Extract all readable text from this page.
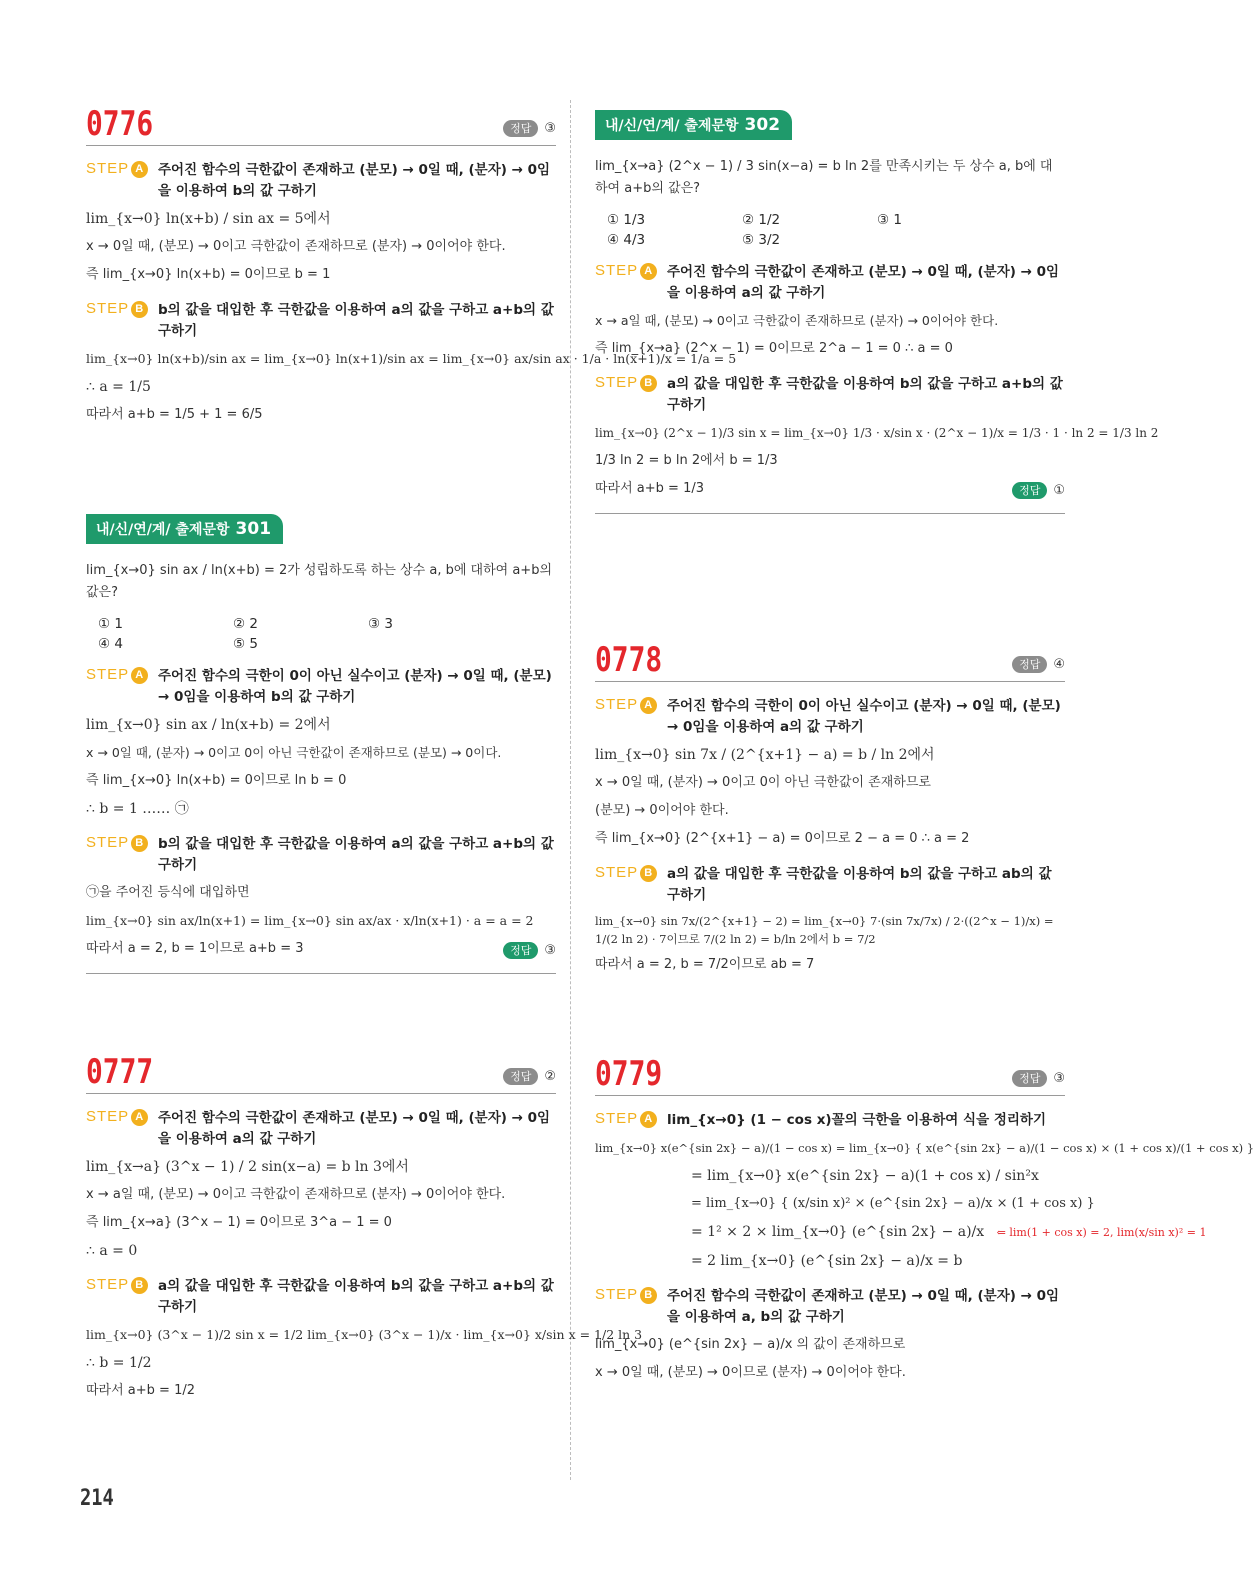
0776	정답	③
STEP A 주어진 함수의 극한값이 존재하고 (분모) → 0일 때, (분자) → 0임을 이용하여 b의 값 구하기
lim_{x→0} ln(x+b) / sin ax = 5에서
x → 0일 때, (분모) → 0이고 극한값이 존재하므로 (분자) → 0이어야 한다.
즉 lim_{x→0} ln(x+b) = 0이므로 b = 1
STEP B b의 값을 대입한 후 극한값을 이용하여 a의 값을 구하고 a+b의 값 구하기
lim_{x→0} ln(x+b)/sin ax = lim_{x→0} ln(x+1)/sin ax = lim_{x→0} ax/sin ax · 1/a · ln(x+1)/x = 1/a = 5
∴ a = 1/5
따라서 a+b = 1/5 + 1 = 6/5
내/신/연/계/ 출제문항 301
lim_{x→0} sin ax / ln(x+b) = 2가 성립하도록 하는 상수 a, b에 대하여 a+b의 값은?
① 1	② 2	③ 3
④ 4	⑤ 5
STEP A 주어진 함수의 극한이 0이 아닌 실수이고 (분자) → 0일 때, (분모) → 0임을 이용하여 b의 값 구하기
lim_{x→0} sin ax / ln(x+b) = 2에서
x → 0일 때, (분자) → 0이고 0이 아닌 극한값이 존재하므로 (분모) → 0이다.
즉 lim_{x→0} ln(x+b) = 0이므로 ln b = 0
∴ b = 1 …… ㉠
STEP B b의 값을 대입한 후 극한값을 이용하여 a의 값을 구하고 a+b의 값 구하기
㉠을 주어진 등식에 대입하면
lim_{x→0} sin ax/ln(x+1) = lim_{x→0} sin ax/ax · x/ln(x+1) · a = a = 2
따라서 a = 2, b = 1이므로 a+b = 3	정답	③
0777	정답	②
STEP A 주어진 함수의 극한값이 존재하고 (분모) → 0일 때, (분자) → 0임을 이용하여 a의 값 구하기
lim_{x→a} (3^x − 1) / 2 sin(x−a) = b ln 3에서
x → a일 때, (분모) → 0이고 극한값이 존재하므로 (분자) → 0이어야 한다.
즉 lim_{x→a} (3^x − 1) = 0이므로 3^a − 1 = 0
∴ a = 0
STEP B a의 값을 대입한 후 극한값을 이용하여 b의 값을 구하고 a+b의 값 구하기
lim_{x→0} (3^x − 1)/2 sin x = 1/2 lim_{x→0} (3^x − 1)/x · lim_{x→0} x/sin x = 1/2 ln 3
∴ b = 1/2
따라서 a+b = 1/2
내/신/연/계/ 출제문항 302
lim_{x→a} (2^x − 1) / 3 sin(x−a) = b ln 2를 만족시키는 두 상수 a, b에 대하여 a+b의 값은?
① 1/3	② 1/2	③ 1
④ 4/3	⑤ 3/2
STEP A 주어진 함수의 극한값이 존재하고 (분모) → 0일 때, (분자) → 0임을 이용하여 a의 값 구하기
x → a일 때, (분모) → 0이고 극한값이 존재하므로 (분자) → 0이어야 한다.
즉 lim_{x→a} (2^x − 1) = 0이므로 2^a − 1 = 0 ∴ a = 0
STEP B a의 값을 대입한 후 극한값을 이용하여 b의 값을 구하고 a+b의 값 구하기
lim_{x→0} (2^x − 1)/3 sin x = lim_{x→0} 1/3 · x/sin x · (2^x − 1)/x = 1/3 · 1 · ln 2 = 1/3 ln 2
1/3 ln 2 = b ln 2에서 b = 1/3
따라서 a+b = 1/3	정답	①
0778	정답	④
STEP A 주어진 함수의 극한이 0이 아닌 실수이고 (분자) → 0일 때, (분모) → 0임을 이용하여 a의 값 구하기
lim_{x→0} sin 7x / (2^{x+1} − a) = b / ln 2에서
x → 0일 때, (분자) → 0이고 0이 아닌 극한값이 존재하므로
(분모) → 0이어야 한다.
즉 lim_{x→0} (2^{x+1} − a) = 0이므로 2 − a = 0 ∴ a = 2
STEP B a의 값을 대입한 후 극한값을 이용하여 b의 값을 구하고 ab의 값 구하기
lim_{x→0} sin 7x/(2^{x+1} − 2) = lim_{x→0} 7·(sin 7x/7x) / 2·((2^x − 1)/x) = 1/(2 ln 2) · 7이므로 7/(2 ln 2) = b/ln 2에서 b = 7/2
따라서 a = 2, b = 7/2이므로 ab = 7
0779	정답	③
STEP A lim_{x→0} (1 − cos x)꼴의 극한을 이용하여 식을 정리하기
lim_{x→0} x(e^{sin 2x} − a)/(1 − cos x) = lim_{x→0} { x(e^{sin 2x} − a)/(1 − cos x) × (1 + cos x)/(1 + cos x) }
= lim_{x→0} x(e^{sin 2x} − a)(1 + cos x) / sin²x
= lim_{x→0} { (x/sin x)² × (e^{sin 2x} − a)/x × (1 + cos x) }
= 1² × 2 × lim_{x→0} (e^{sin 2x} − a)/x ⇐ lim(1 + cos x) = 2, lim(x/sin x)² = 1
= 2 lim_{x→0} (e^{sin 2x} − a)/x = b
STEP B 주어진 함수의 극한값이 존재하고 (분모) → 0일 때, (분자) → 0임을 이용하여 a, b의 값 구하기
lim_{x→0} (e^{sin 2x} − a)/x 의 값이 존재하므로
x → 0일 때, (분모) → 0이므로 (분자) → 0이어야 한다.
214
